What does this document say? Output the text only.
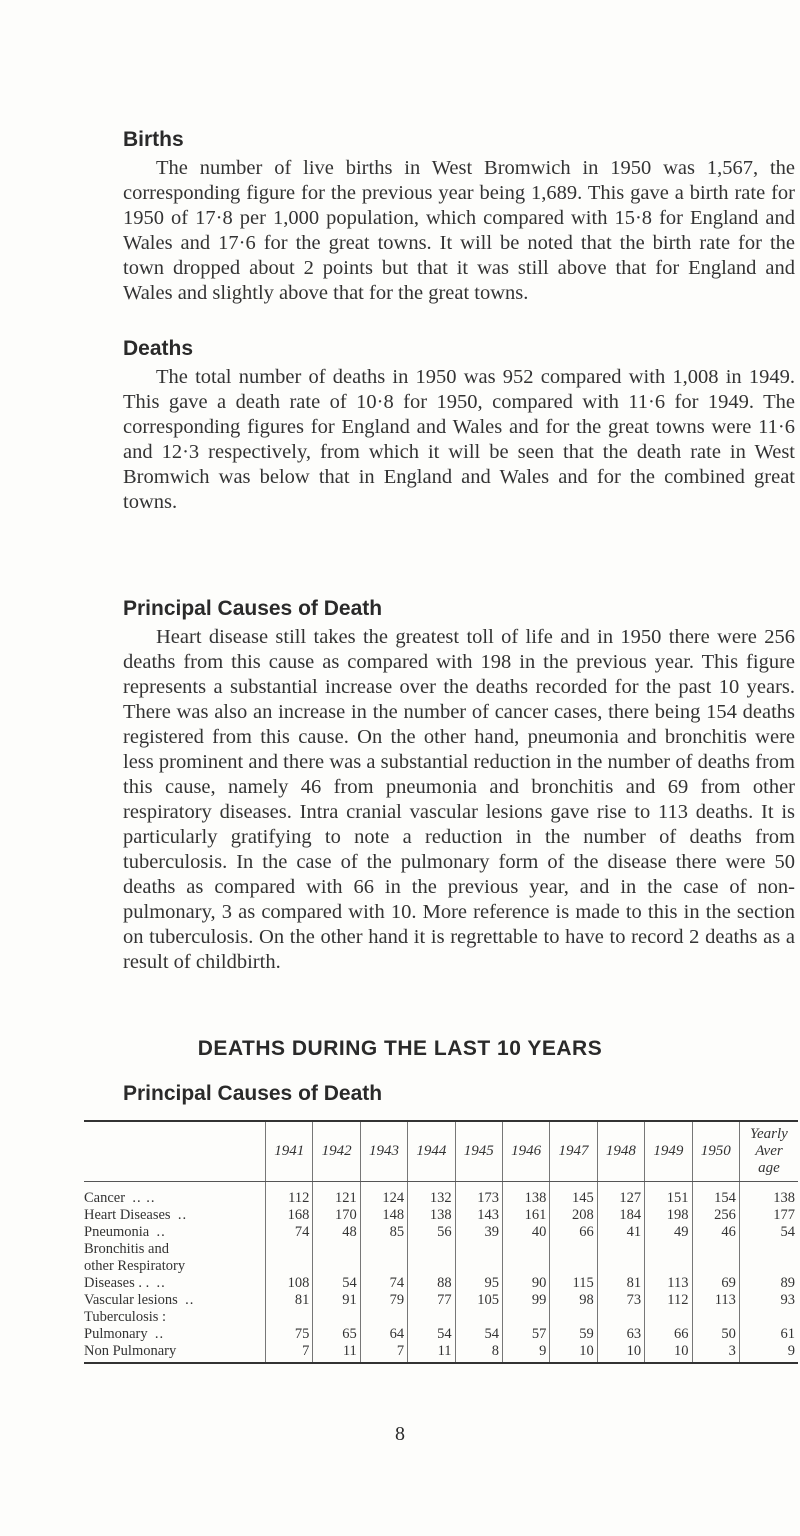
Births

The number of live births in West Bromwich in 1950 was 1,567, the corresponding figure for the previous year being 1,689. This gave a birth rate for 1950 of 17·8 per 1,000 population, which compared with 15·8 for England and Wales and 17·6 for the great towns. It will be noted that the birth rate for the town dropped about 2 points but that it was still above that for England and Wales and slightly above that for the great towns.

Deaths

The total number of deaths in 1950 was 952 compared with 1,008 in 1949. This gave a death rate of 10·8 for 1950, compared with 11·6 for 1949. The corresponding figures for England and Wales and for the great towns were 11·6 and 12·3 respectively, from which it will be seen that the death rate in West Bromwich was below that in England and Wales and for the combined great towns.

Principal Causes of Death

Heart disease still takes the greatest toll of life and in 1950 there were 256 deaths from this cause as compared with 198 in the previous year. This figure represents a substantial increase over the deaths recorded for the past 10 years. There was also an increase in the number of cancer cases, there being 154 deaths registered from this cause. On the other hand, pneumonia and bronchitis were less prominent and there was a substantial reduction in the number of deaths from this cause, namely 46 from pneumonia and bronchitis and 69 from other respiratory diseases. Intra cranial vascular lesions gave rise to 113 deaths. It is particularly gratifying to note a reduction in the number of deaths from tuberculosis. In the case of the pulmonary form of the disease there were 50 deaths as compared with 66 in the previous year, and in the case of non-pulmonary, 3 as compared with 10. More reference is made to this in the section on tuberculosis. On the other hand it is regrettable to have to record 2 deaths as a result of childbirth.

DEATHS DURING THE LAST 10 YEARS
Principal Causes of Death
	1941	1942	1943	1944	1945	1946	1947	1948	1949	1950	Yearly
Aver
age
Cancer .. ..	112	121	124	132	173	138	145	127	151	154	138
Heart Diseases ..	168	170	148	138	143	161	208	184	198	256	177
Pneumonia ..	74	48	85	56	39	40	66	41	49	46	54
Bronchitis and
other Respiratory
Diseases . . ..	108	54	74	88	95	90	115	81	113	69	89
Vascular lesions ..	81	91	79	77	105	99	98	73	112	113	93
Tuberculosis :
Pulmonary ..	75	65	64	54	54	57	59	63	66	50	61
Non Pulmonary	7	11	7	11	8	9	10	10	10	3	9

8
